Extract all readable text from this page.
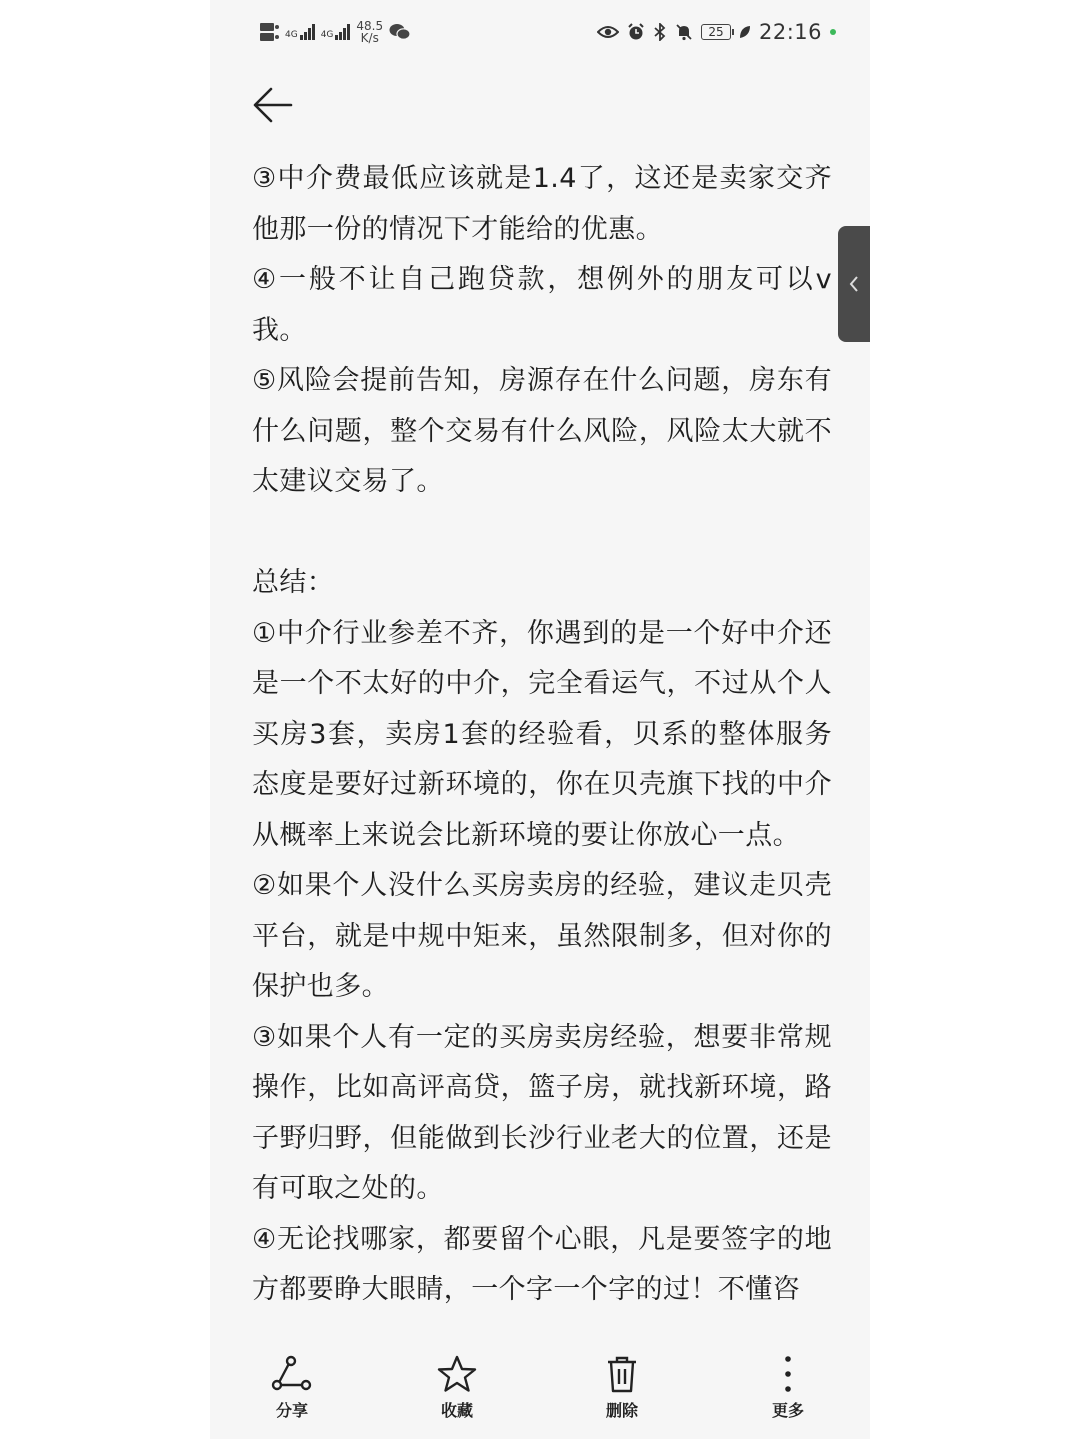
4G	4G
48.5
K/s	25 22:16

③中介费最低应该就是1.4了，这还是卖家交齐他那一份的情况下才能给的优惠。

④一般不让自己跑贷款，想例外的朋友可以v我。

⑤风险会提前告知，房源存在什么问题，房东有什么问题，整个交易有什么风险，风险太大就不太建议交易了。

总结：

①中介行业参差不齐，你遇到的是一个好中介还是一个不太好的中介，完全看运气，不过从个人买房3套，卖房1套的经验看，贝系的整体服务态度是要好过新环境的，你在贝壳旗下找的中介从概率上来说会比新环境的要让你放心一点。

②如果个人没什么买房卖房的经验，建议走贝壳平台，就是中规中矩来，虽然限制多，但对你的保护也多。

③如果个人有一定的买房卖房经验，想要非常规操作，比如高评高贷，篮子房，就找新环境，路子野归野，但能做到长沙行业老大的位置，还是有可取之处的。

④无论找哪家，都要留个心眼，凡是要签字的地方都要睁大眼睛，一个字一个字的过！不懂咨

分享	收藏	删除	更多
